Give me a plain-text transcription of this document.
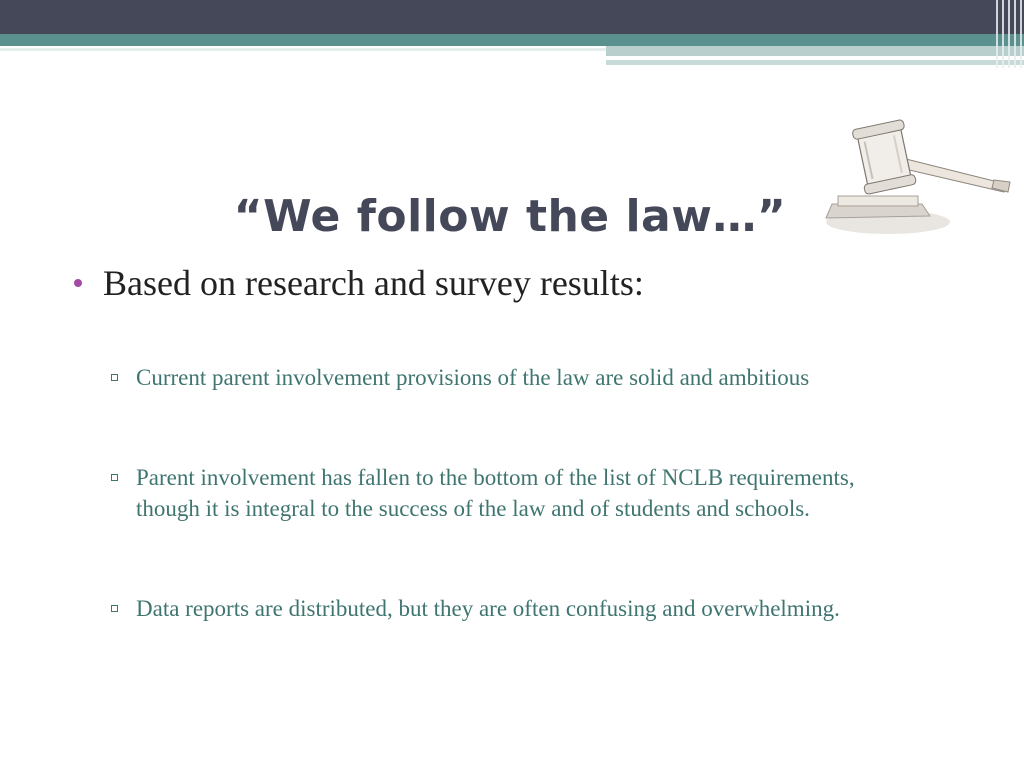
“We follow the law…”
Based on research and survey results:
Current parent involvement provisions of the law are solid and ambitious
Parent involvement has fallen to the bottom of the list of NCLB requirements, though it is integral to the success of the law and of students and schools.
Data reports are distributed, but they are often confusing and overwhelming.
